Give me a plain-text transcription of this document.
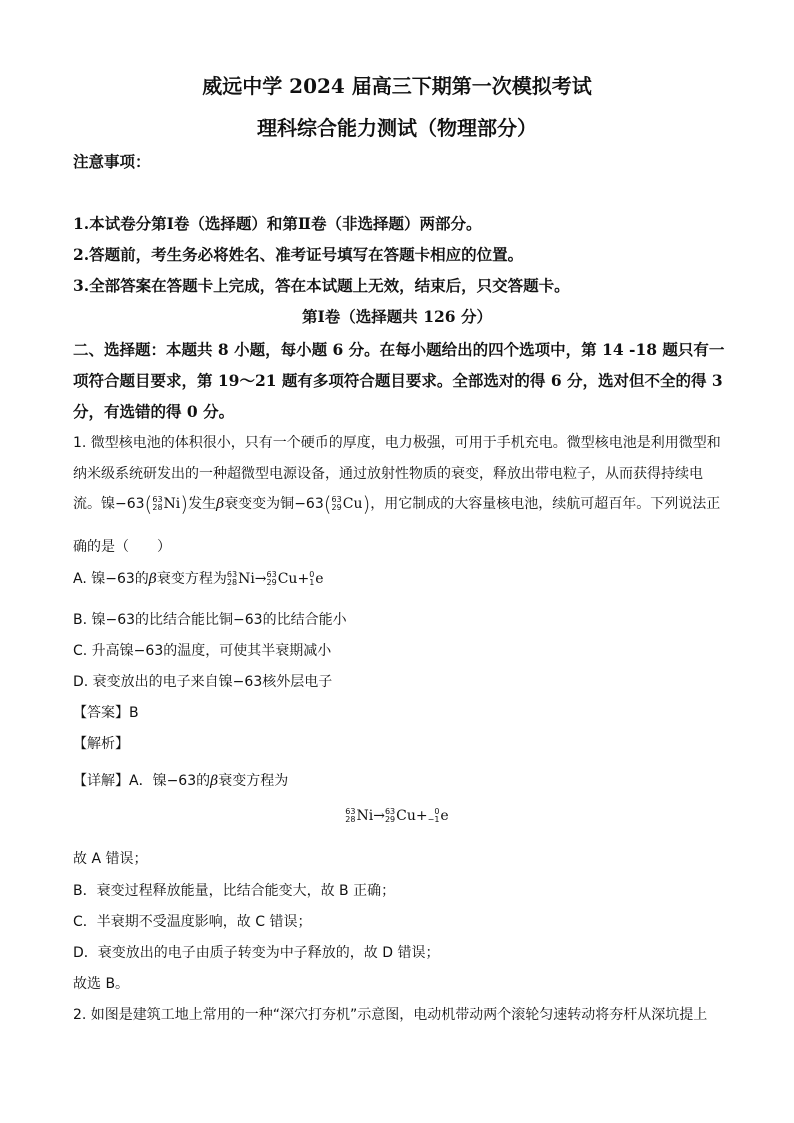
威远中学 2024 届高三下期第一次模拟考试
理科综合能力测试（物理部分）
注意事项：
1.本试卷分第Ⅰ卷（选择题）和第Ⅱ卷（非选择题）两部分。
2.答题前，考生务必将姓名、准考证号填写在答题卡相应的位置。
3.全部答案在答题卡上完成，答在本试题上无效，结束后，只交答题卡。
第Ⅰ卷（选择题共 126 分）
二、选择题：本题共 8 小题，每小题 6 分。在每小题给出的四个选项中，第 14 -18 题只有一
项符合题目要求，第 19～21 题有多项符合题目要求。全部选对的得 6 分，选对但不全的得 3
分，有选错的得 0 分。
1. 微型核电池的体积很小，只有一个硬币的厚度，电力极强，可用于手机充电。微型核电池是利用微型和
纳米级系统研发出的一种超微型电源设备，通过放射性物质的衰变，释放出带电粒子，从而获得持续电
流。镍−63( 63
28 Ni)发生β衰变变为铜−63( 63
29 Cu)，用它制成的大容量核电池，续航可超百年。下列说法正
确的是（　　）
A. 镍−63的β衰变方程为 63
28 Ni→ 63
29 Cu+ 0
1 e
B. 镍−63的比结合能比铜−63的比结合能小
C. 升高镍−63的温度，可使其半衰期减小
D. 衰变放出的电子来自镍−63核外层电子
【答案】B
【解析】
【详解】A．镍−63的β衰变方程为
63
28 Ni→ 63
29 Cu+ 0
−1 e
故 A 错误；
B．衰变过程释放能量，比结合能变大，故 B 正确；
C．半衰期不受温度影响，故 C 错误；
D．衰变放出的电子由质子转变为中子释放的，故 D 错误；
故选 B。
2. 如图是建筑工地上常用的一种“深穴打夯机”示意图，电动机带动两个滚轮匀速转动将夯杆从深坑提上
